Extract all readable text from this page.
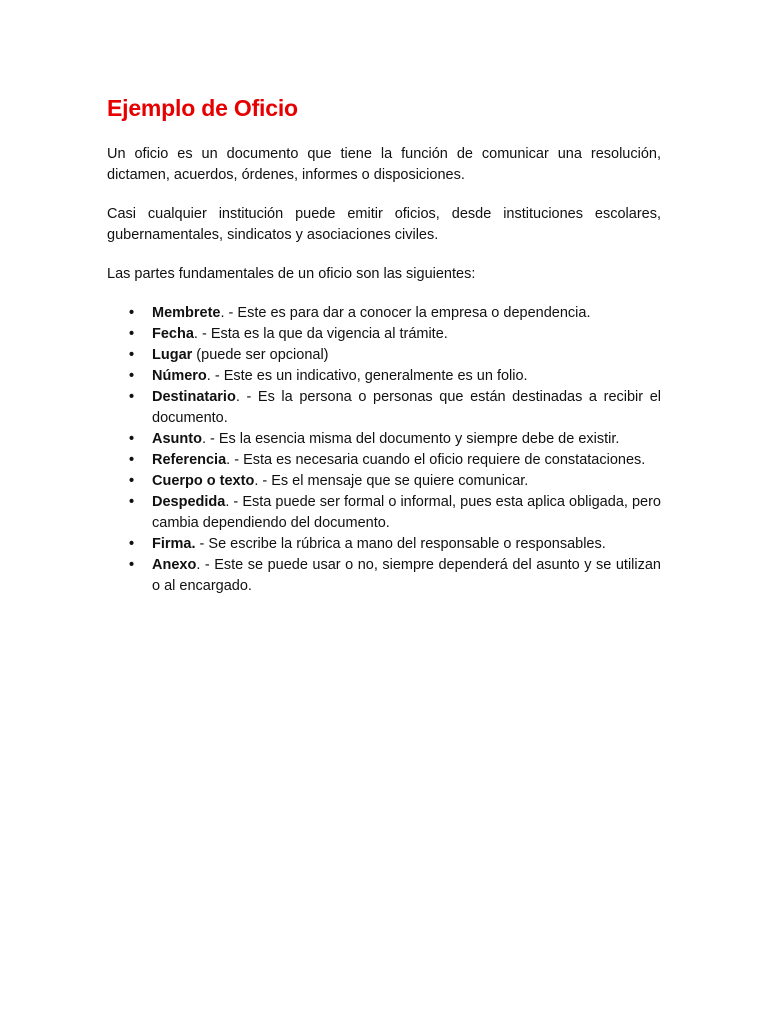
Ejemplo de Oficio

Un oficio es un documento que tiene la función de comunicar una resolución, dictamen, acuerdos, órdenes, informes o disposiciones.

Casi cualquier institución puede emitir oficios, desde instituciones escolares, gubernamentales, sindicatos y asociaciones civiles.

Las partes fundamentales de un oficio son las siguientes:

• Membrete. - Este es para dar a conocer la empresa o dependencia.
• Fecha. - Esta es la que da vigencia al trámite.
• Lugar (puede ser opcional)
• Número. - Este es un indicativo, generalmente es un folio.
• Destinatario. - Es la persona o personas que están destinadas a recibir el documento.
• Asunto. - Es la esencia misma del documento y siempre debe de existir.
• Referencia. - Esta es necesaria cuando el oficio requiere de constataciones.
• Cuerpo o texto. - Es el mensaje que se quiere comunicar.
• Despedida. - Esta puede ser formal o informal, pues esta aplica obligada, pero cambia dependiendo del documento.
• Firma. - Se escribe la rúbrica a mano del responsable o responsables.
• Anexo. - Este se puede usar o no, siempre dependerá del asunto y se utilizan o al encargado.
